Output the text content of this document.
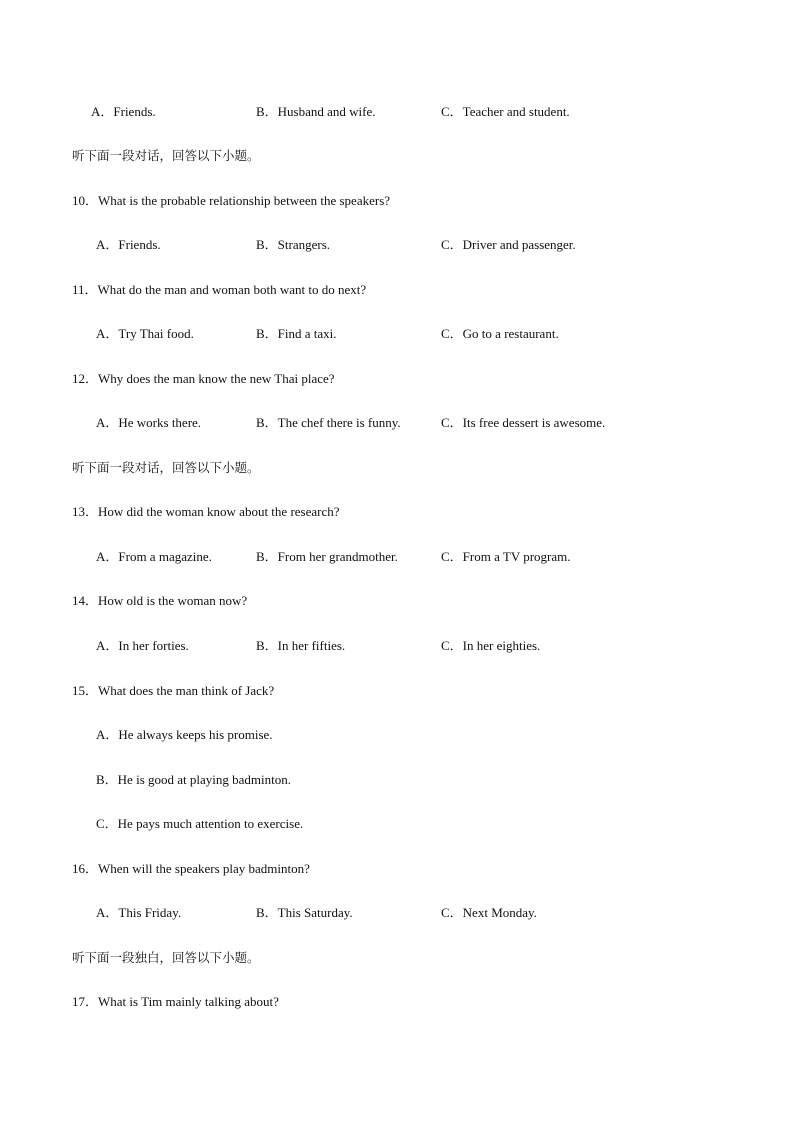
A．Friends.	B．Husband and wife.	C．Teacher and student.
听下面一段对话，回答以下小题。
10．What is the probable relationship between the speakers?
A．Friends.	B．Strangers.	C．Driver and passenger.
11．What do the man and woman both want to do next?
A．Try Thai food.	B．Find a taxi.	C．Go to a restaurant.
12．Why does the man know the new Thai place?
A．He works there.	B．The chef there is funny.	C．Its free dessert is awesome.
听下面一段对话，回答以下小题。
13．How did the woman know about the research?
A．From a magazine.	B．From her grandmother.	C．From a TV program.
14．How old is the woman now?
A．In her forties.	B．In her fifties.	C．In her eighties.
15．What does the man think of Jack?
A．He always keeps his promise.
B．He is good at playing badminton.
C．He pays much attention to exercise.
16．When will the speakers play badminton?
A．This Friday.	B．This Saturday.	C．Next Monday.
听下面一段独白，回答以下小题。
17．What is Tim mainly talking about?
